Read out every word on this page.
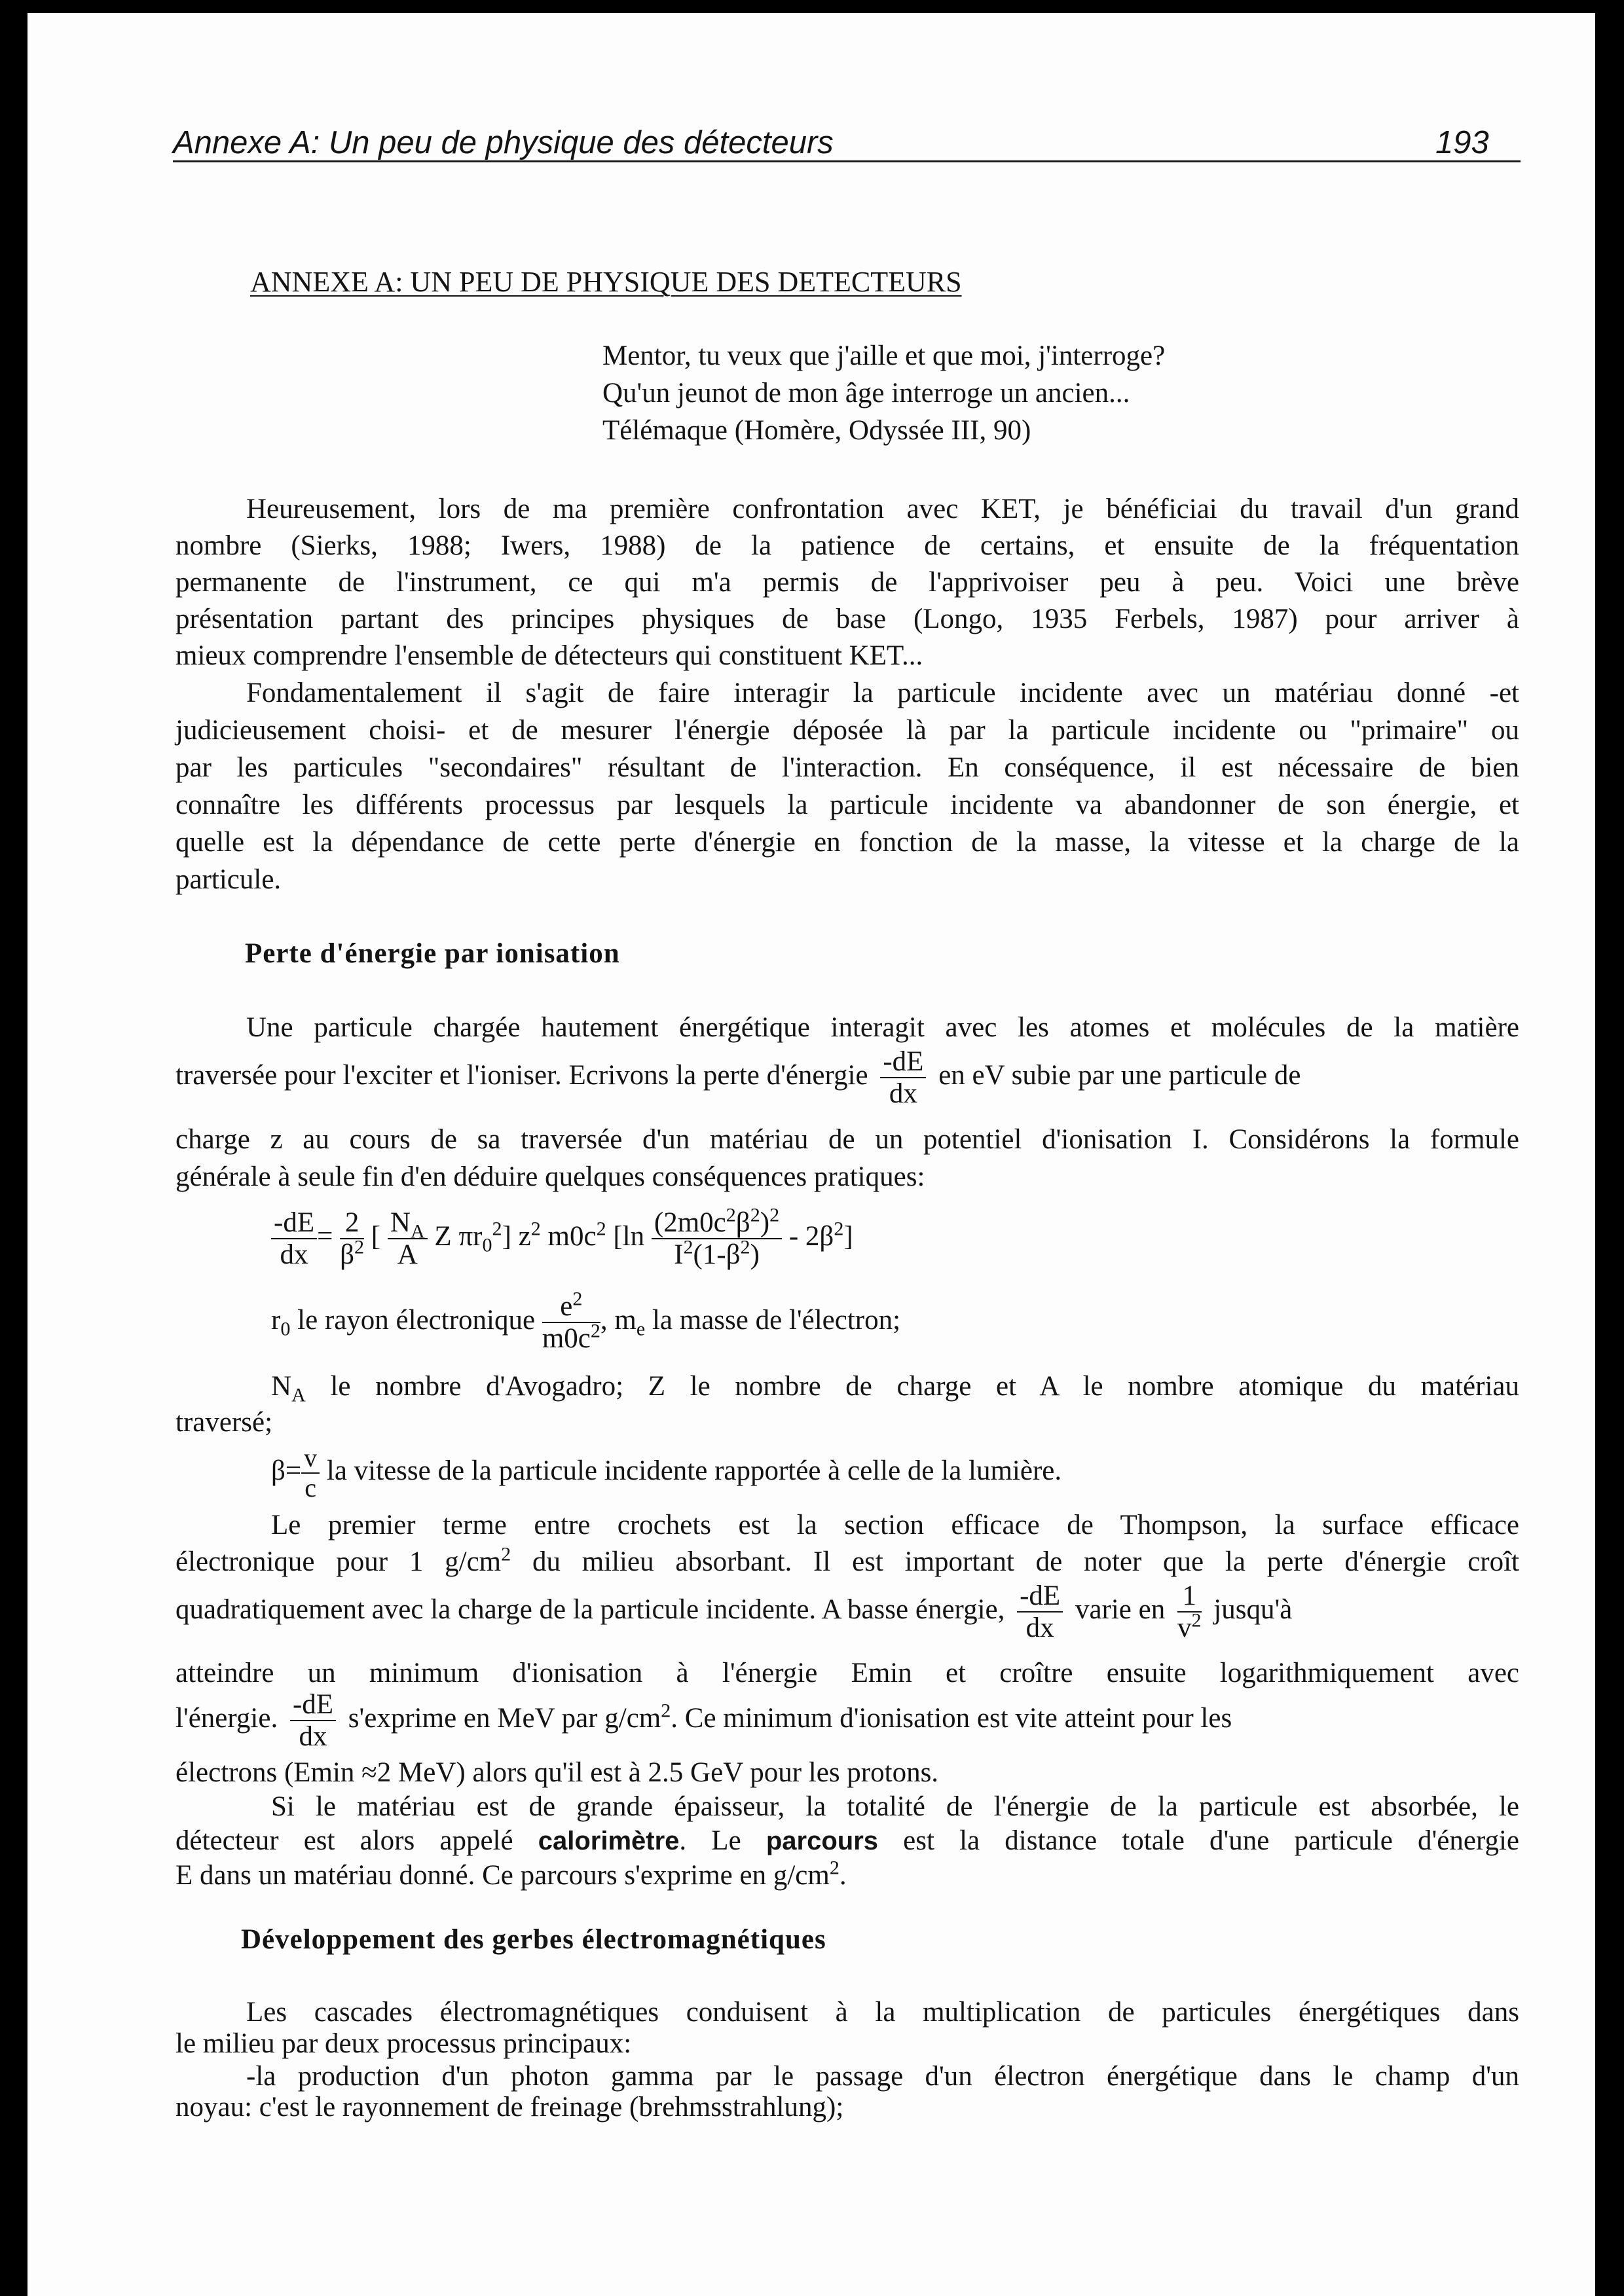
Annexe A: Un peu de physique des détecteurs	193
ANNEXE A: UN PEU DE PHYSIQUE DES DETECTEURS
Mentor, tu veux que j'aille et que moi, j'interroge?
Qu'un jeunot de mon âge interroge un ancien...
Télémaque (Homère, Odyssée III, 90)
Heureusement, lors de ma première confrontation avec KET, je bénéficiai du travail d'un grand
nombre (Sierks, 1988; Iwers, 1988) de la patience de certains, et ensuite de la fréquentation
permanente de l'instrument, ce qui m'a permis de l'apprivoiser peu à peu. Voici une brève
présentation partant des principes physiques de base (Longo, 1935 Ferbels, 1987) pour arriver à
mieux comprendre l'ensemble de détecteurs qui constituent KET...
Fondamentalement il s'agit de faire interagir la particule incidente avec un matériau donné -et
judicieusement choisi- et de mesurer l'énergie déposée là par la particule incidente ou "primaire" ou
par les particules "secondaires" résultant de l'interaction. En conséquence, il est nécessaire de bien
connaître les différents processus par lesquels la particule incidente va abandonner de son énergie, et
quelle est la dépendance de cette perte d'énergie en fonction de la masse, la vitesse et la charge de la
particule.
Perte d'énergie par ionisation
Une particule chargée hautement énergétique interagit avec les atomes et molécules de la matière
traversée pour l'exciter et l'ioniser. Ecrivons la perte d'énergie $\frac{-dE}{dx}$ en eV subie par une particule de
charge z au cours de sa traversée d'un matériau de un potentiel d'ionisation I. Considérons la formule
générale à seule fin d'en déduire quelques conséquences pratiques:
$\frac{-dE}{dx} = \frac{2}{\beta^2}$ [ $\frac{N_A}{A}$ Z $\pi r_0^2$] $z^2$ $m0c^2$ $[\ln \frac{(2m0c^2\beta^2)^2}{I^2(1-\beta^2)} - 2\beta^2]$
$r_0$ le rayon électronique $\frac{e^2}{m0c^2}$ , $m_e$ la masse de l'électron;
$N_A$ le nombre d'Avogadro; Z le nombre de charge et A le nombre atomique du matériau
traversé;
$\beta= \frac{v}{c}$ la vitesse de la particule incidente rapportée à celle de la lumière.
Le premier terme entre crochets est la section efficace de Thompson, la surface efficace
électronique pour 1 $g/cm^2$ du milieu absorbant. Il est important de noter que la perte d'énergie croît
quadratiquement avec la charge de la particule incidente. A basse énergie, $\frac{-dE}{dx}$ varie en $\frac{1}{v^2}$ jusqu'à
atteindre un minimum d'ionisation à l'énergie Emin et croître ensuite logarithmiquement avec
l'énergie. $\frac{-dE}{dx}$ s'exprime en MeV par $g/cm^2$. Ce minimum d'ionisation est vite atteint pour les
électrons (Emin ≈2 MeV) alors qu'il est à 2.5 GeV pour les protons.
Si le matériau est de grande épaisseur, la totalité de l'énergie de la particule est absorbée, le
détecteur est alors appelé calorimètre. Le parcours est la distance totale d'une particule d'énergie
E dans un matériau donné. Ce parcours s'exprime en $g/cm^2$.
Développement des gerbes électromagnétiques
Les cascades électromagnétiques conduisent à la multiplication de particules énergétiques dans
le milieu par deux processus principaux:
-la production d'un photon gamma par le passage d'un électron énergétique dans le champ d'un
noyau: c'est le rayonnement de freinage (brehmsstrahlung);
